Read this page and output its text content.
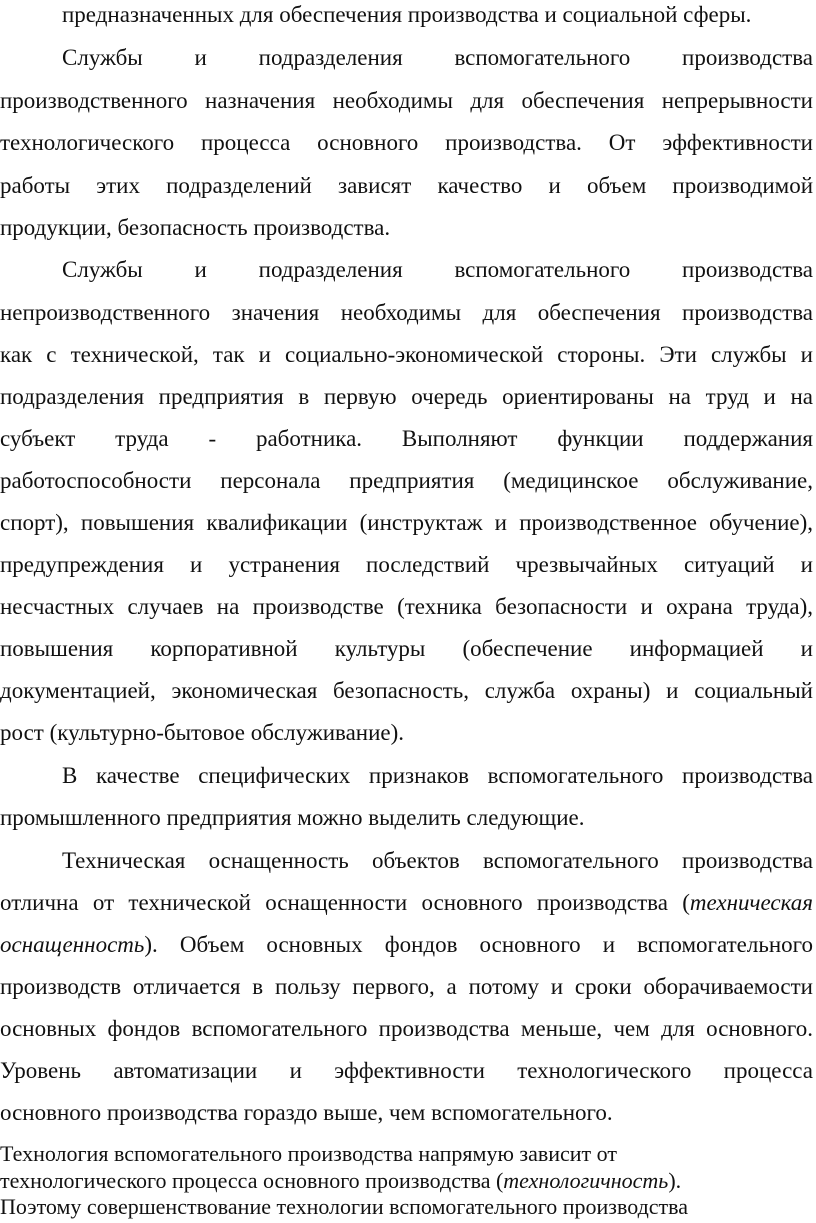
предназначенных для обеспечения производства и социальной сферы.
Службы и подразделения вспомогательного производства
производственного назначения необходимы для обеспечения непрерывности
технологического процесса основного производства. От эффективности
работы этих подразделений зависят качество и объем производимой
продукции, безопасность производства.
Службы и подразделения вспомогательного производства
непроизводственного значения необходимы для обеспечения производства
как с технической, так и социально-экономической стороны. Эти службы и
подразделения предприятия в первую очередь ориентированы на труд и на
субъект труда - работника. Выполняют функции поддержания
работоспособности персонала предприятия (медицинское обслуживание,
спорт), повышения квалификации (инструктаж и производственное обучение),
предупреждения и устранения последствий чрезвычайных ситуаций и
несчастных случаев на производстве (техника безопасности и охрана труда),
повышения корпоративной культуры (обеспечение информацией и
документацией, экономическая безопасность, служба охраны) и социальный
рост (культурно-бытовое обслуживание).
В качестве специфических признаков вспомогательного производства
промышленного предприятия можно выделить следующие.
Техническая оснащенность объектов вспомогательного производства
отлична от технической оснащенности основного производства (техническая
оснащенность). Объем основных фондов основного и вспомогательного
производств отличается в пользу первого, а потому и сроки оборачиваемости
основных фондов вспомогательного производства меньше, чем для основного.
Уровень автоматизации и эффективности технологического процесса
основного производства гораздо выше, чем вспомогательного.
Технология вспомогательного производства напрямую зависит от
технологического процесса основного производства (технологичность).
Поэтому совершенствование технологии вспомогательного производства
